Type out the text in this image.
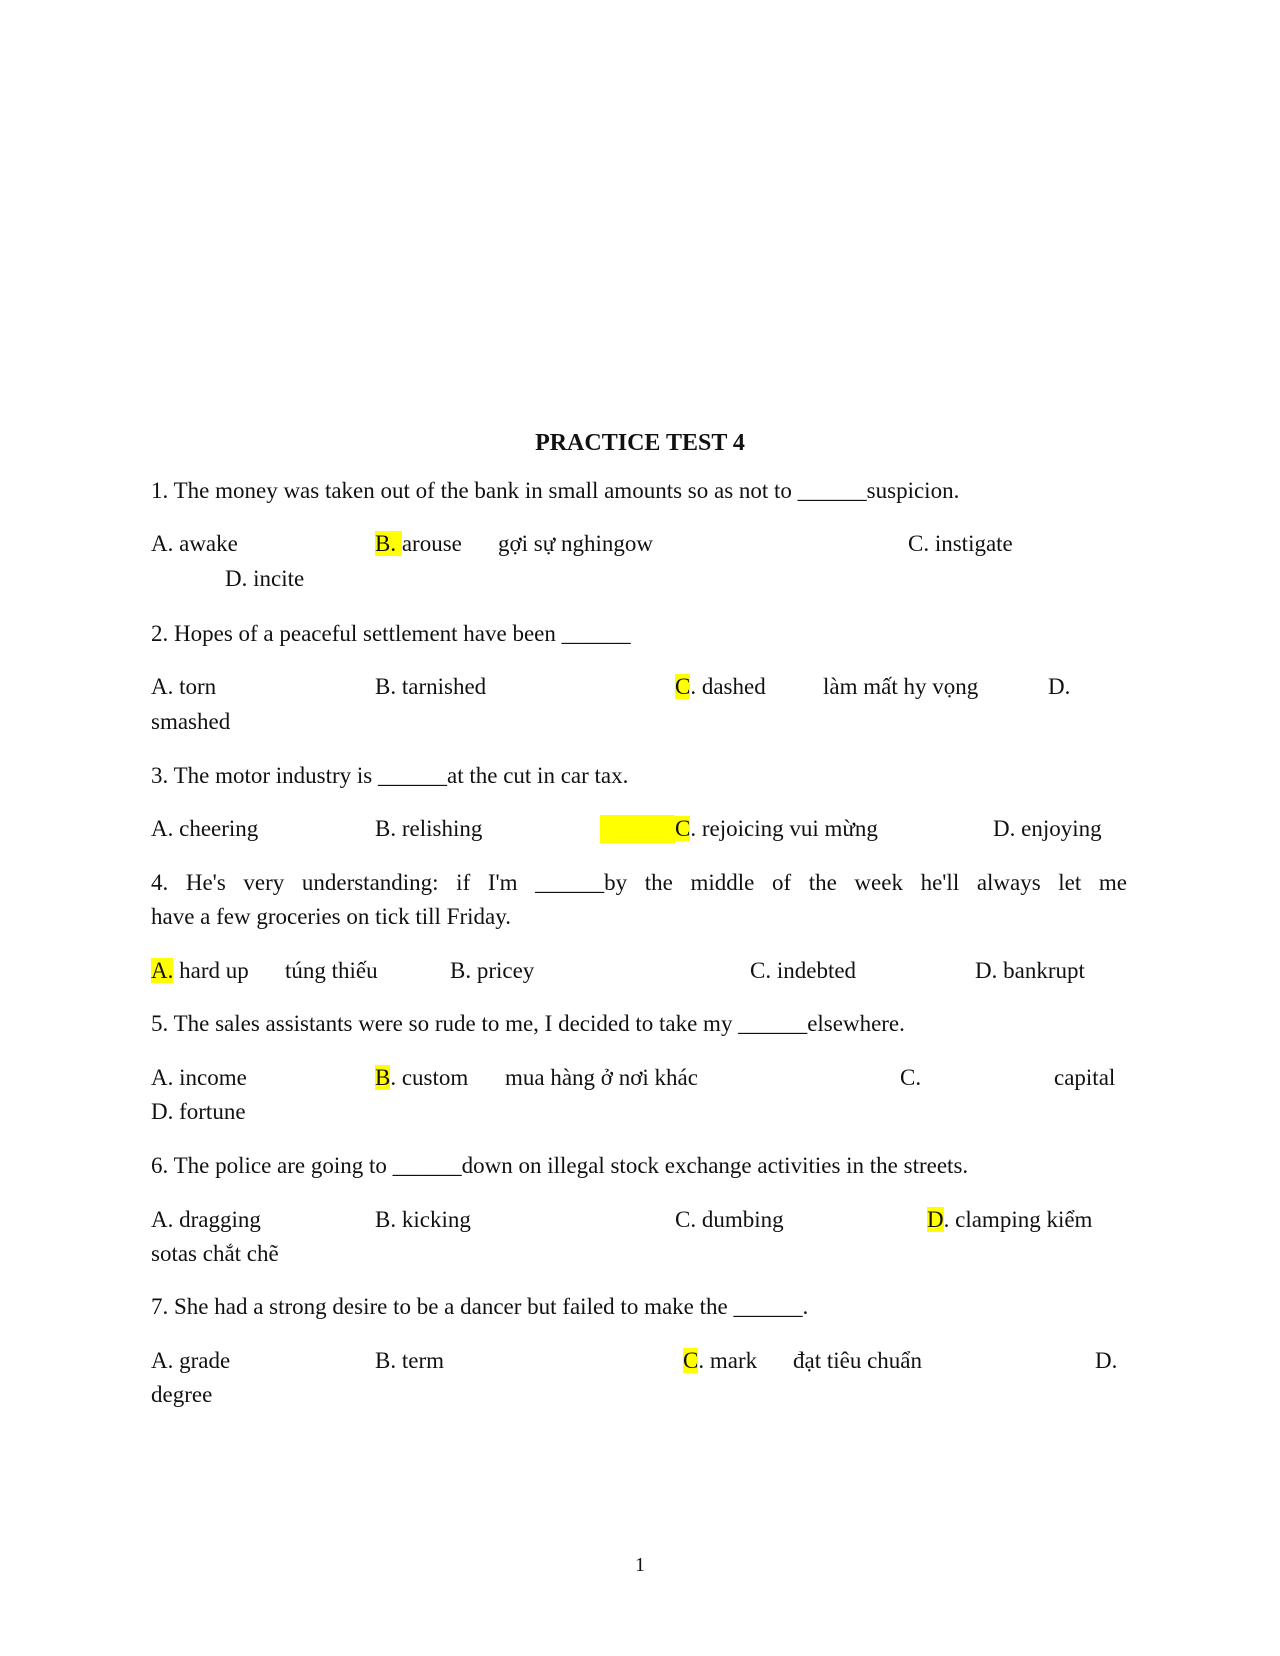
PRACTICE TEST 4
1. The money was taken out of the bank in small amounts so as not to ______suspicion.
A. awake	B. arouse gợi sự nghingow	C. instigate
D. incite
2. Hopes of a peaceful settlement have been ______
A. torn	B. tarnished	C. dashed làm mất hy vọng	D.
smashed
3. The motor industry is ______at the cut in car tax.
A. cheering	B. relishing	C. rejoicing vui mừng	D. enjoying
4. He's very understanding: if I'm ______by the middle of the week he'll always let me
have a few groceries on tick till Friday.
A. hard up túng thiếu	B. pricey	C. indebted	D. bankrupt
5. The sales assistants were so rude to me, I decided to take my ______elsewhere.
A. income	B. custom mua hàng ở nơi khác	C.	capital
D. fortune
6. The police are going to ______down on illegal stock exchange activities in the streets.
A. dragging	B. kicking	C. dumbing	D. clamping kiểm
sotas chắt chẽ
7. She had a strong desire to be a dancer but failed to make the ______.
A. grade	B. term	C. mark đạt tiêu chuẩn	D.
degree
1
